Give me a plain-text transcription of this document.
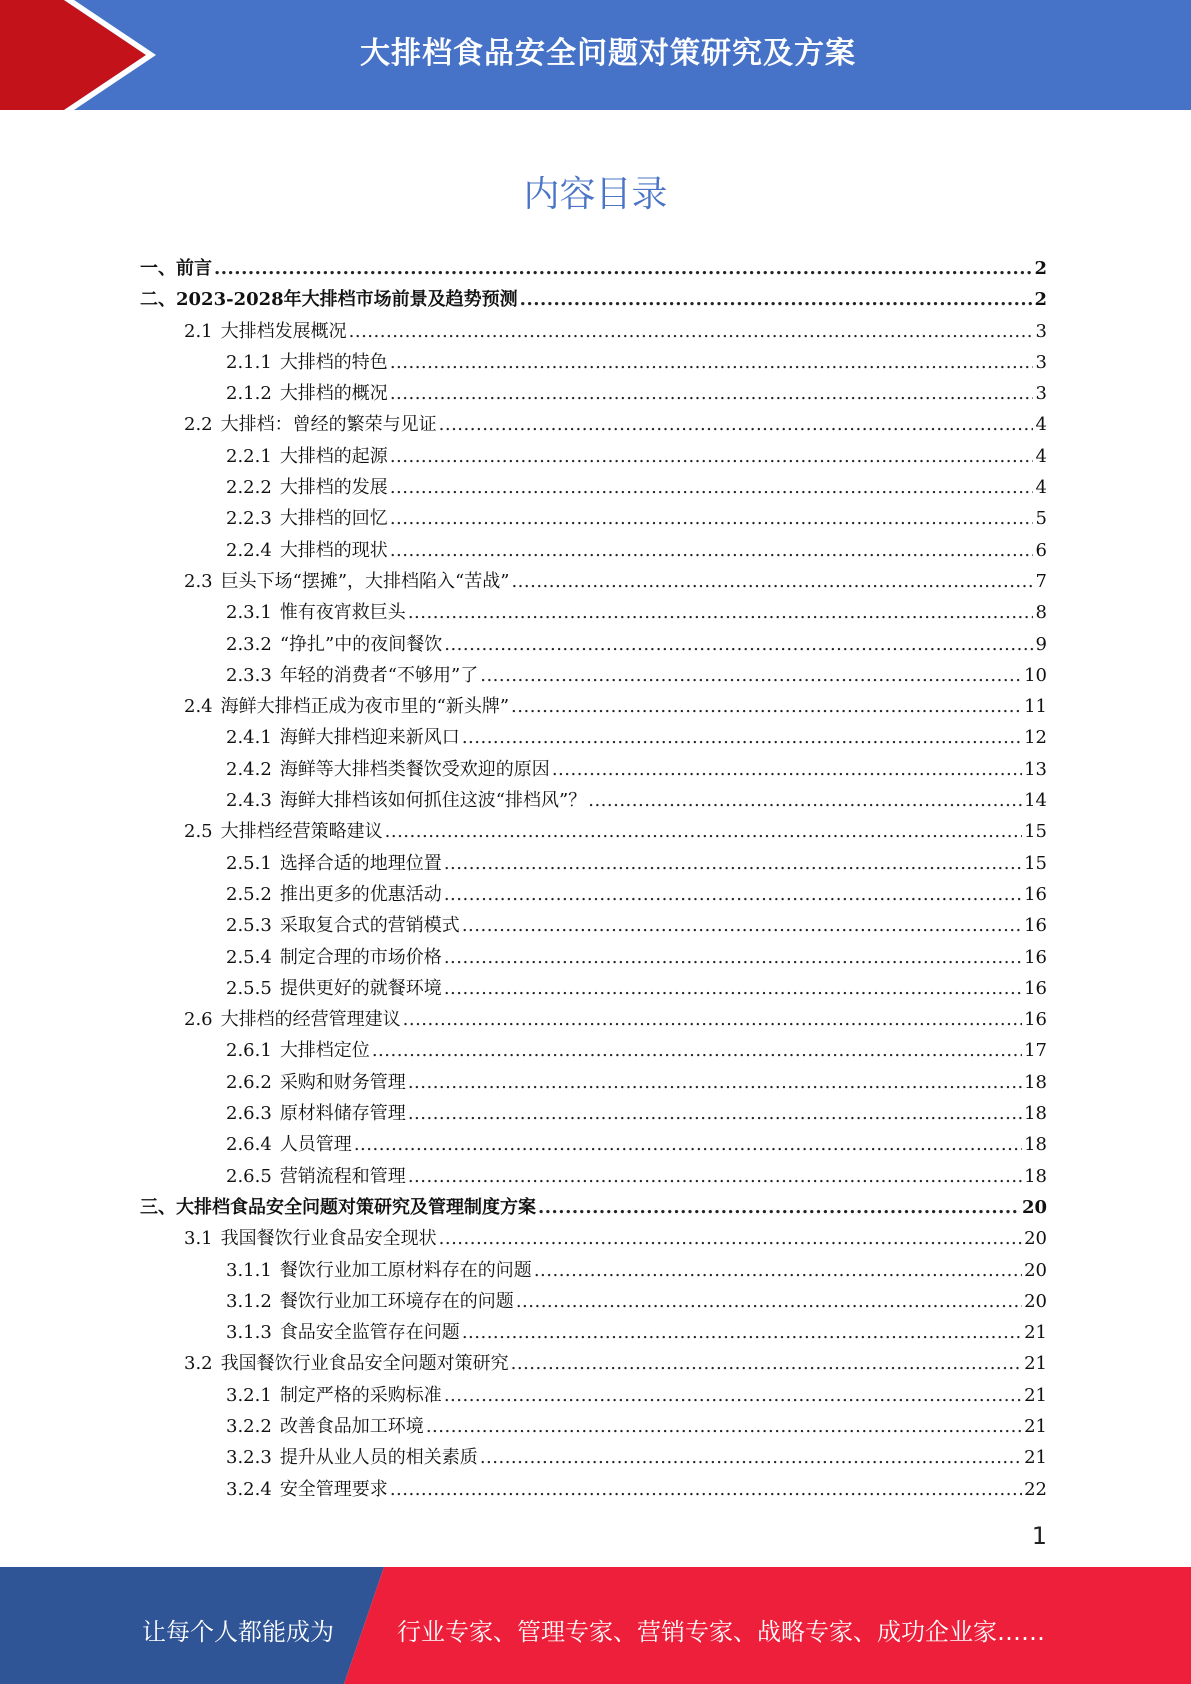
大排档食品安全问题对策研究及方案
内容目录
一、 前言 .....	2
二、 2023-2028年大排档市场前景及趋势预测 .....	2
2.1 大排档发展概况 .....	3
2.1.1 大排档的特色 .....	3
2.1.2 大排档的概况 .....	3
2.2 大排档：曾经的繁荣与见证 .....	4
2.2.1 大排档的起源 .....	4
2.2.2 大排档的发展 .....	4
2.2.3 大排档的回忆 .....	5
2.2.4 大排档的现状 .....	6
2.3 巨头下场“摆摊”，大排档陷入“苦战” .....	7
2.3.1 惟有夜宵救巨头 .....	8
2.3.2 “挣扎”中的夜间餐饮 .....	9
2.3.3 年轻的消费者“不够用”了 .....	10
2.4 海鲜大排档正成为夜市里的“新头牌” .....	11
2.4.1 海鲜大排档迎来新风口 .....	12
2.4.2 海鲜等大排档类餐饮受欢迎的原因 .....	13
2.4.3 海鲜大排档该如何抓住这波“排档风”？ .....	14
2.5 大排档经营策略建议 .....	15
2.5.1 选择合适的地理位置 .....	15
2.5.2 推出更多的优惠活动 .....	16
2.5.3 采取复合式的营销模式 .....	16
2.5.4 制定合理的市场价格 .....	16
2.5.5 提供更好的就餐环境 .....	16
2.6 大排档的经营管理建议 .....	16
2.6.1 大排档定位 .....	17
2.6.2 采购和财务管理 .....	18
2.6.3 原材料储存管理 .....	18
2.6.4 人员管理 .....	18
2.6.5 营销流程和管理 .....	18
三、 大排档食品安全问题对策研究及管理制度方案 .....	20
3.1 我国餐饮行业食品安全现状 .....	20
3.1.1 餐饮行业加工原材料存在的问题 .....	20
3.1.2 餐饮行业加工环境存在的问题 .....	20
3.1.3 食品安全监管存在问题 .....	21
3.2 我国餐饮行业食品安全问题对策研究 .....	21
3.2.1 制定严格的采购标准 .....	21
3.2.2 改善食品加工环境 .....	21
3.2.3 提升从业人员的相关素质 .....	21
3.2.4 安全管理要求 .....	22
1
让每个人都能成为	行业专家、管理专家、营销专家、战略专家、成功企业家……
